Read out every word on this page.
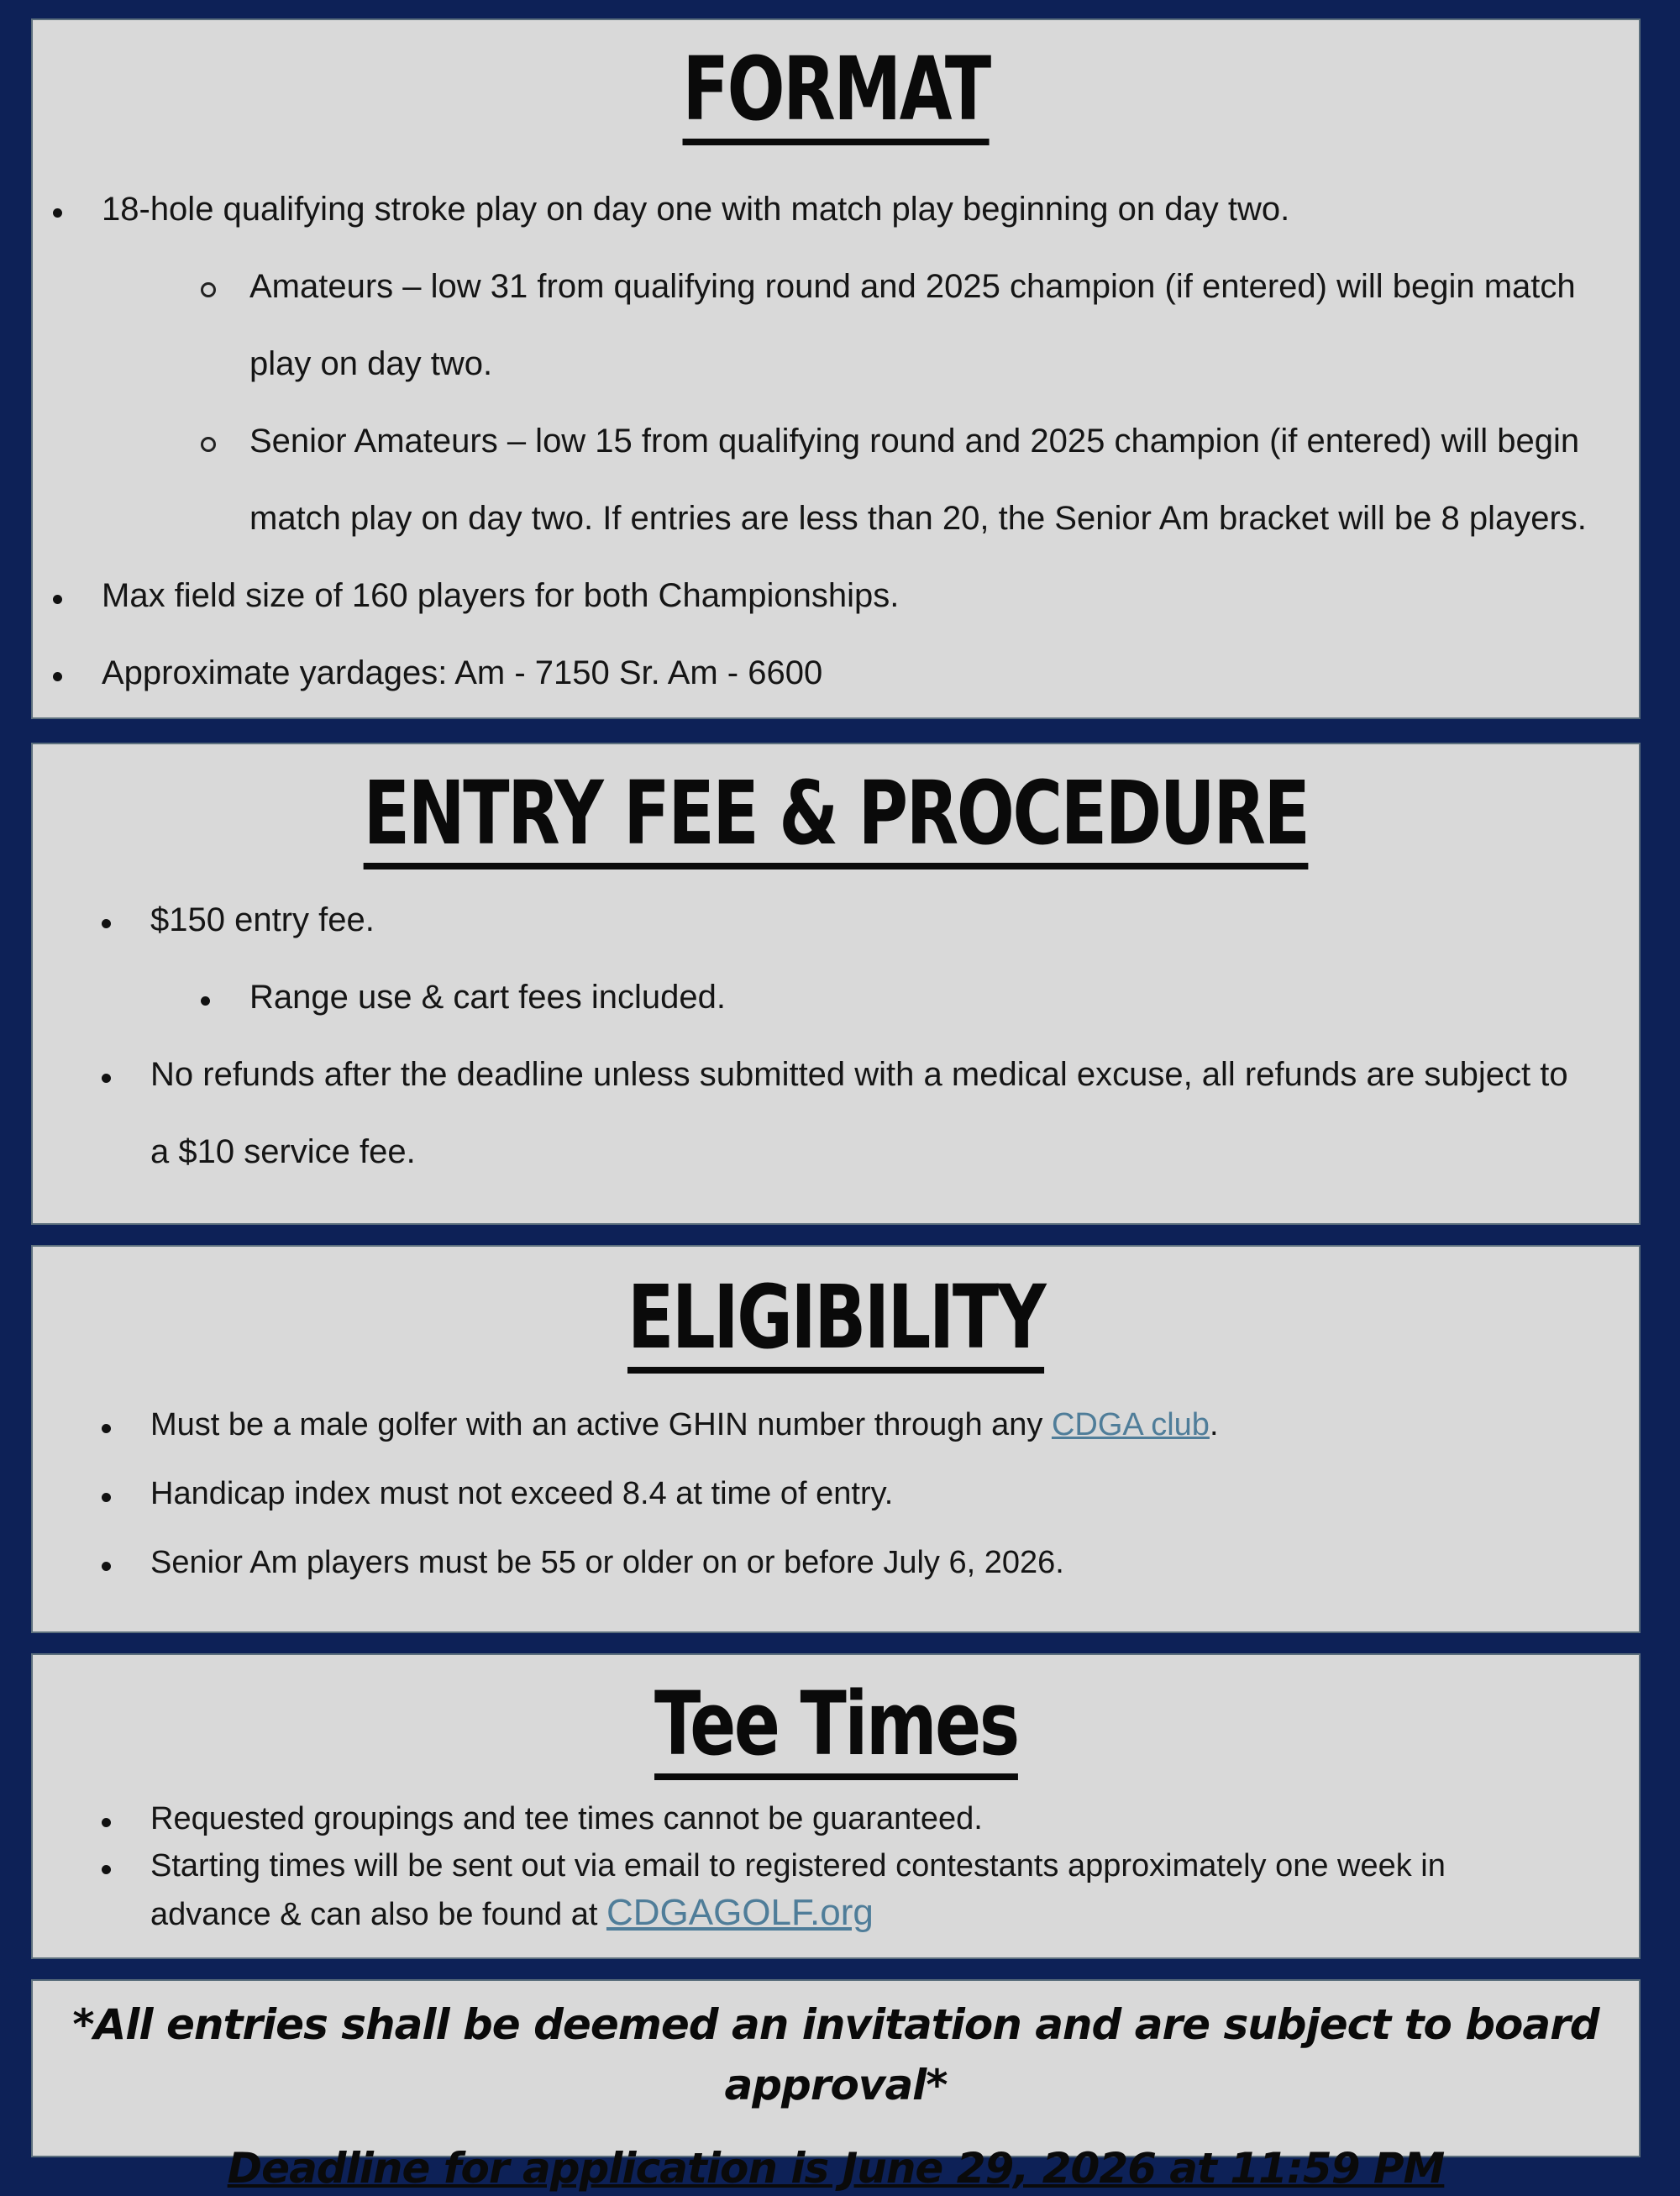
FORMAT
18-hole qualifying stroke play on day one with match play beginning on day two.
Amateurs – low 31 from qualifying round and 2025 champion (if entered) will begin match play on day two.
Senior Amateurs – low 15 from qualifying round and 2025 champion (if entered) will begin match play on day two. If entries are less than 20, the Senior Am bracket will be 8 players.
Max field size of 160 players for both Championships.
Approximate yardages: Am - 7150 Sr. Am - 6600
ENTRY FEE & PROCEDURE
$150 entry fee.
Range use & cart fees included.
No refunds after the deadline unless submitted with a medical excuse, all refunds are subject to a $10 service fee.
ELIGIBILITY
Must be a male golfer with an active GHIN number through any CDGA club.
Handicap index must not exceed 8.4 at time of entry.
Senior Am players must be 55 or older on or before July 6, 2026.
Tee Times
Requested groupings and tee times cannot be guaranteed.
Starting times will be sent out via email to registered contestants approximately one week in advance & can also be found at CDGAGOLF.org
*All entries shall be deemed an invitation and are subject to board approval*
Deadline for application is June 29, 2026 at 11:59 PM
